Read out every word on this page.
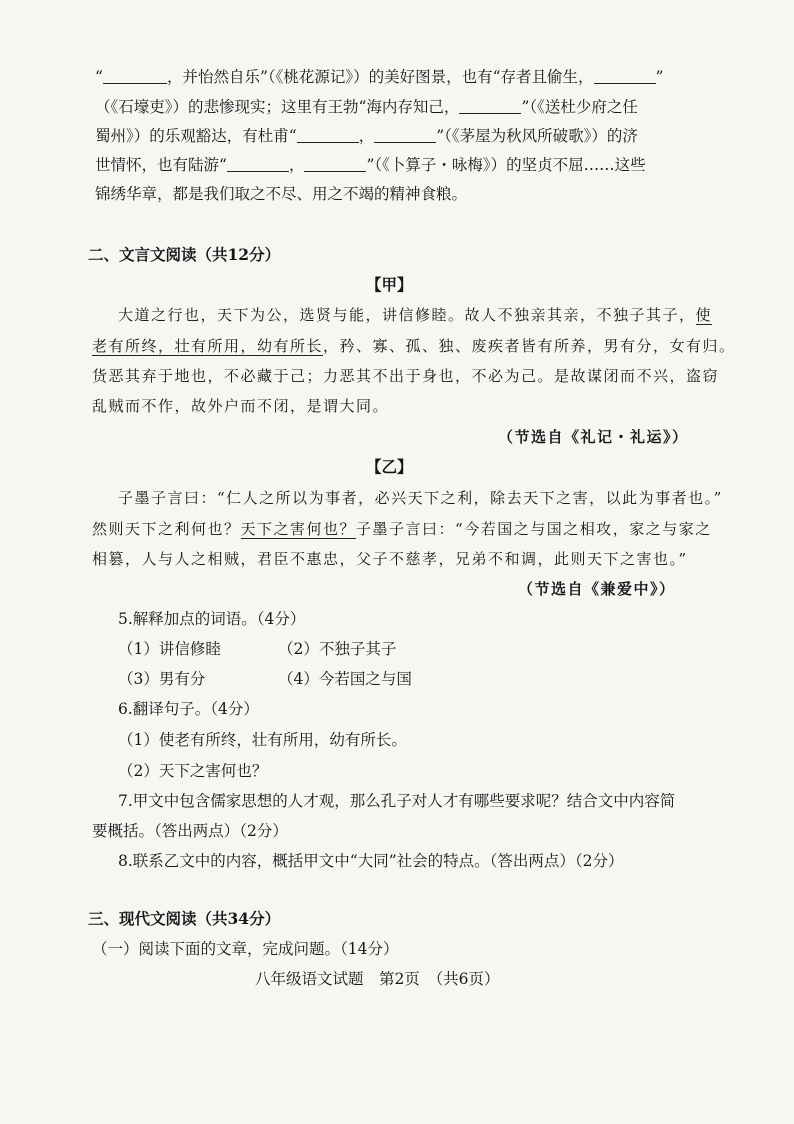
“	，并怡然自乐”（《桃花源记》）的美好图景，也有“存者且偷生，	”
（《石壕吏》）的悲惨现实；这里有王勃“海内存知己，	”（《送杜少府之任
蜀州》）的乐观豁达，有杜甫“	，	”（《茅屋为秋风所破歌》）的济
世情怀，也有陆游“	，	”（《卜算子・咏梅》）的坚贞不屈……这些
锦绣华章，都是我们取之不尽、用之不竭的精神食粮。
二、文言文阅读（共12分）
【甲】
大道之行也，天下为公，选贤与能，讲信修睦。故人不独亲其亲，不独子其子，使
老有所终，壮有所用，幼有所长，矜、寡、孤、独、废疾者皆有所养，男有分，女有归。
货恶其弃于地也，不必藏于己；力恶其不出于身也，不必为己。是故谋闭而不兴，盗窃
乱贼而不作，故外户而不闭，是谓大同。
（节选自《礼记・礼运》）
【乙】
子墨子言曰：“仁人之所以为事者，必兴天下之利，除去天下之害，以此为事者也。”
然则天下之利何也？天下之害何也？子墨子言曰：“今若国之与国之相攻，家之与家之
相篡，人与人之相贼，君臣不惠忠，父子不慈孝，兄弟不和调，此则天下之害也。”
（节选自《兼爱中》）
5.解释加点的词语。（4分）
（1）讲信修睦	（2）不独子其子
（3）男有分	（4）今若国之与国
6.翻译句子。（4分）
（1）使老有所终，壮有所用，幼有所长。
（2）天下之害何也？
7.甲文中包含儒家思想的人才观，那么孔子对人才有哪些要求呢？结合文中内容简
要概括。（答出两点）（2分）
8.联系乙文中的内容，概括甲文中“大同”社会的特点。（答出两点）（2分）
三、现代文阅读（共34分）
（一）阅读下面的文章，完成问题。（14分）
八年级语文试题　第2页　（共6页）
